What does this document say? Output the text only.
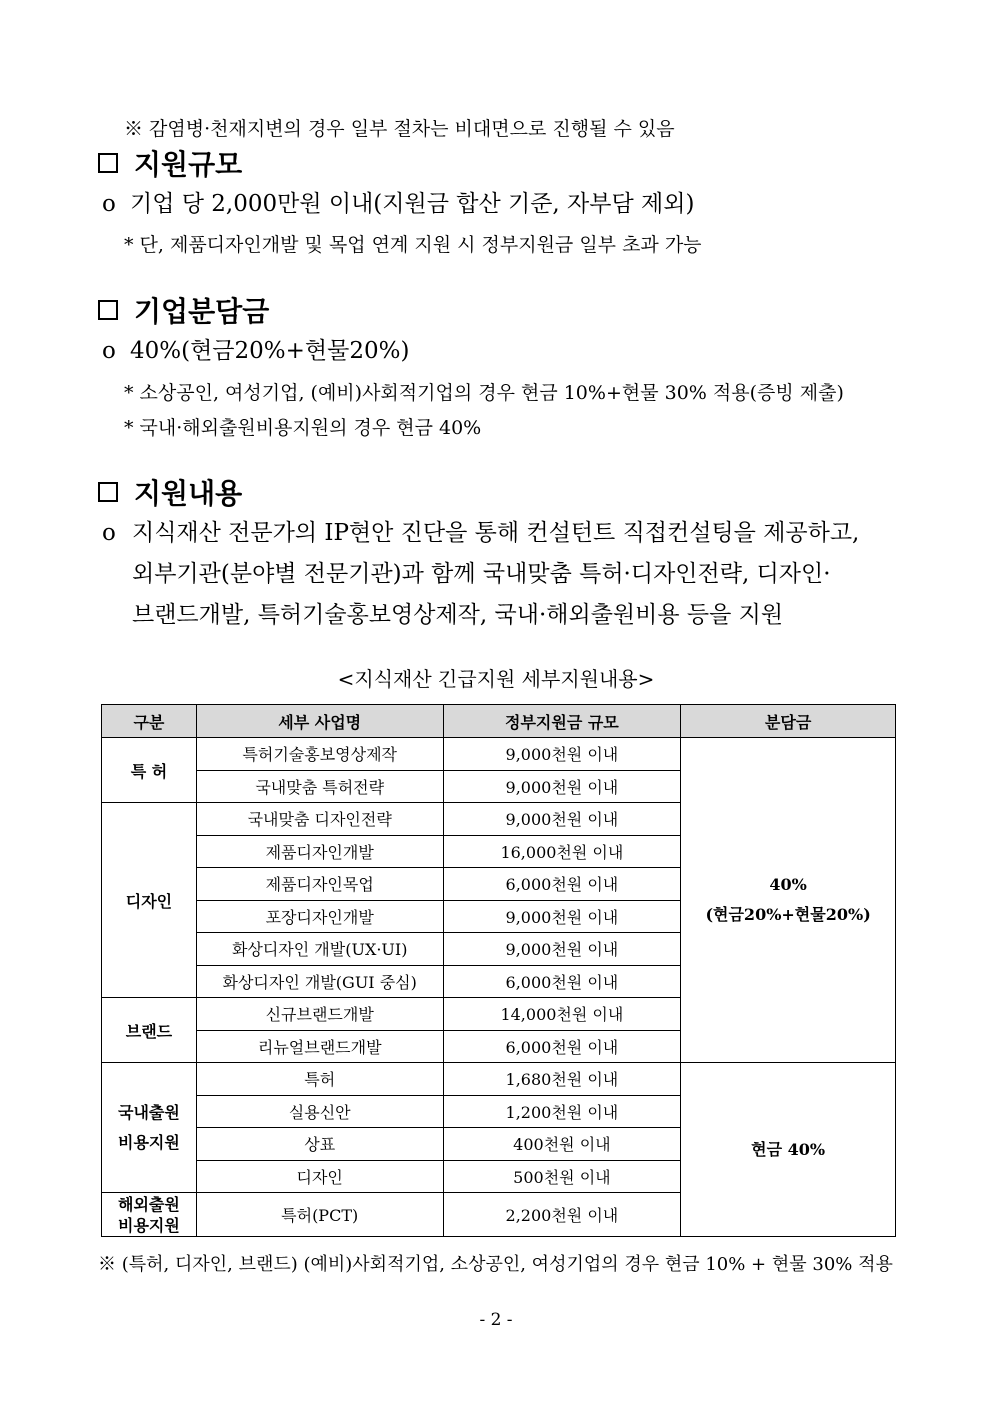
※ 감염병·천재지변의 경우 일부 절차는 비대면으로 진행될 수 있음
지원규모
o 기업 당 2,000만원 이내(지원금 합산 기준, 자부담 제외)
* 단, 제품디자인개발 및 목업 연계 지원 시 정부지원금 일부 초과 가능
기업분담금
o 40%(현금20%+현물20%)
* 소상공인, 여성기업, (예비)사회적기업의 경우 현금 10%+현물 30% 적용(증빙 제출)
* 국내·해외출원비용지원의 경우 현금 40%
지원내용
o 지식재산 전문가의 IP현안 진단을 통해 컨설턴트 직접컨설팅을 제공하고,
외부기관(분야별 전문기관)과 함께 국내맞춤 특허·디자인전략, 디자인·
브랜드개발, 특허기술홍보영상제작, 국내·해외출원비용 등을 지원
<지식재산 긴급지원 세부지원내용>
구분	세부 사업명	정부지원금 규모	분담금
특 허	특허기술홍보영상제작	9,000천원 이내	40%
(현금20%+현물20%)
	국내맞춤 특허전략	9,000천원 이내	
디자인	국내맞춤 디자인전략	9,000천원 이내	
	제품디자인개발	16,000천원 이내	
	제품디자인목업	6,000천원 이내	
	포장디자인개발	9,000천원 이내	
	화상디자인 개발(UX·UI)	9,000천원 이내	
	화상디자인 개발(GUI 중심)	6,000천원 이내	
브랜드	신규브랜드개발	14,000천원 이내	
	리뉴얼브랜드개발	6,000천원 이내	
국내출원
비용지원	특허	1,680천원 이내	현금 40%
	실용신안	1,200천원 이내	
	상표	400천원 이내	
	디자인	500천원 이내	
해외출원
비용지원	특허(PCT)	2,200천원 이내	
※ (특허, 디자인, 브랜드) (예비)사회적기업, 소상공인, 여성기업의 경우 현금 10% + 현물 30% 적용
- 2 -
